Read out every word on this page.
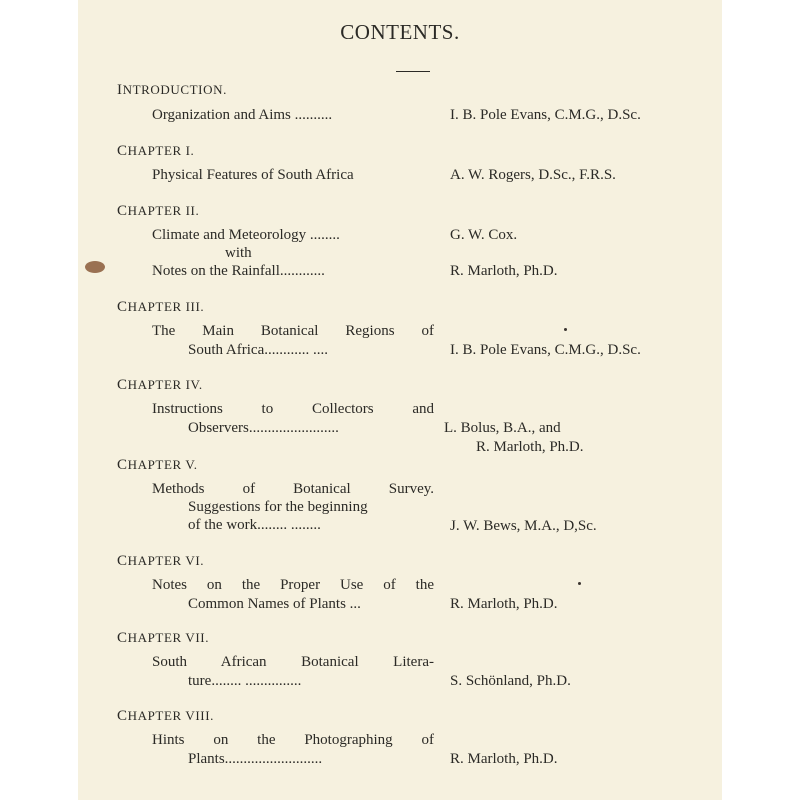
CONTENTS.
INTRODUCTION.
Organization and Aims ..........	I. B. Pole Evans, C.M.G., D.Sc.
CHAPTER I.
Physical Features of South Africa	A. W. Rogers, D.Sc., F.R.S.
CHAPTER II.
Climate and Meteorology ........	G. W. Cox.
with
Notes on the Rainfall............	R. Marloth, Ph.D.
CHAPTER III.
The Main Botanical Regions of
South Africa............ ....	I. B. Pole Evans, C.M.G., D.Sc.
CHAPTER IV.
Instructions to Collectors and
Observers........................	L. Bolus, B.A., and
R. Marloth, Ph.D.
CHAPTER V.
Methods of Botanical Survey.
Suggestions for the beginning
of the work........ ........	J. W. Bews, M.A., D,Sc.
CHAPTER VI.
Notes on the Proper Use of the
Common Names of Plants ...	R. Marloth, Ph.D.
CHAPTER VII.
South African Botanical Litera-
ture........ ...............	S. Schönland, Ph.D.
CHAPTER VIII.
Hints on the Photographing of
Plants..........................	R. Marloth, Ph.D.
